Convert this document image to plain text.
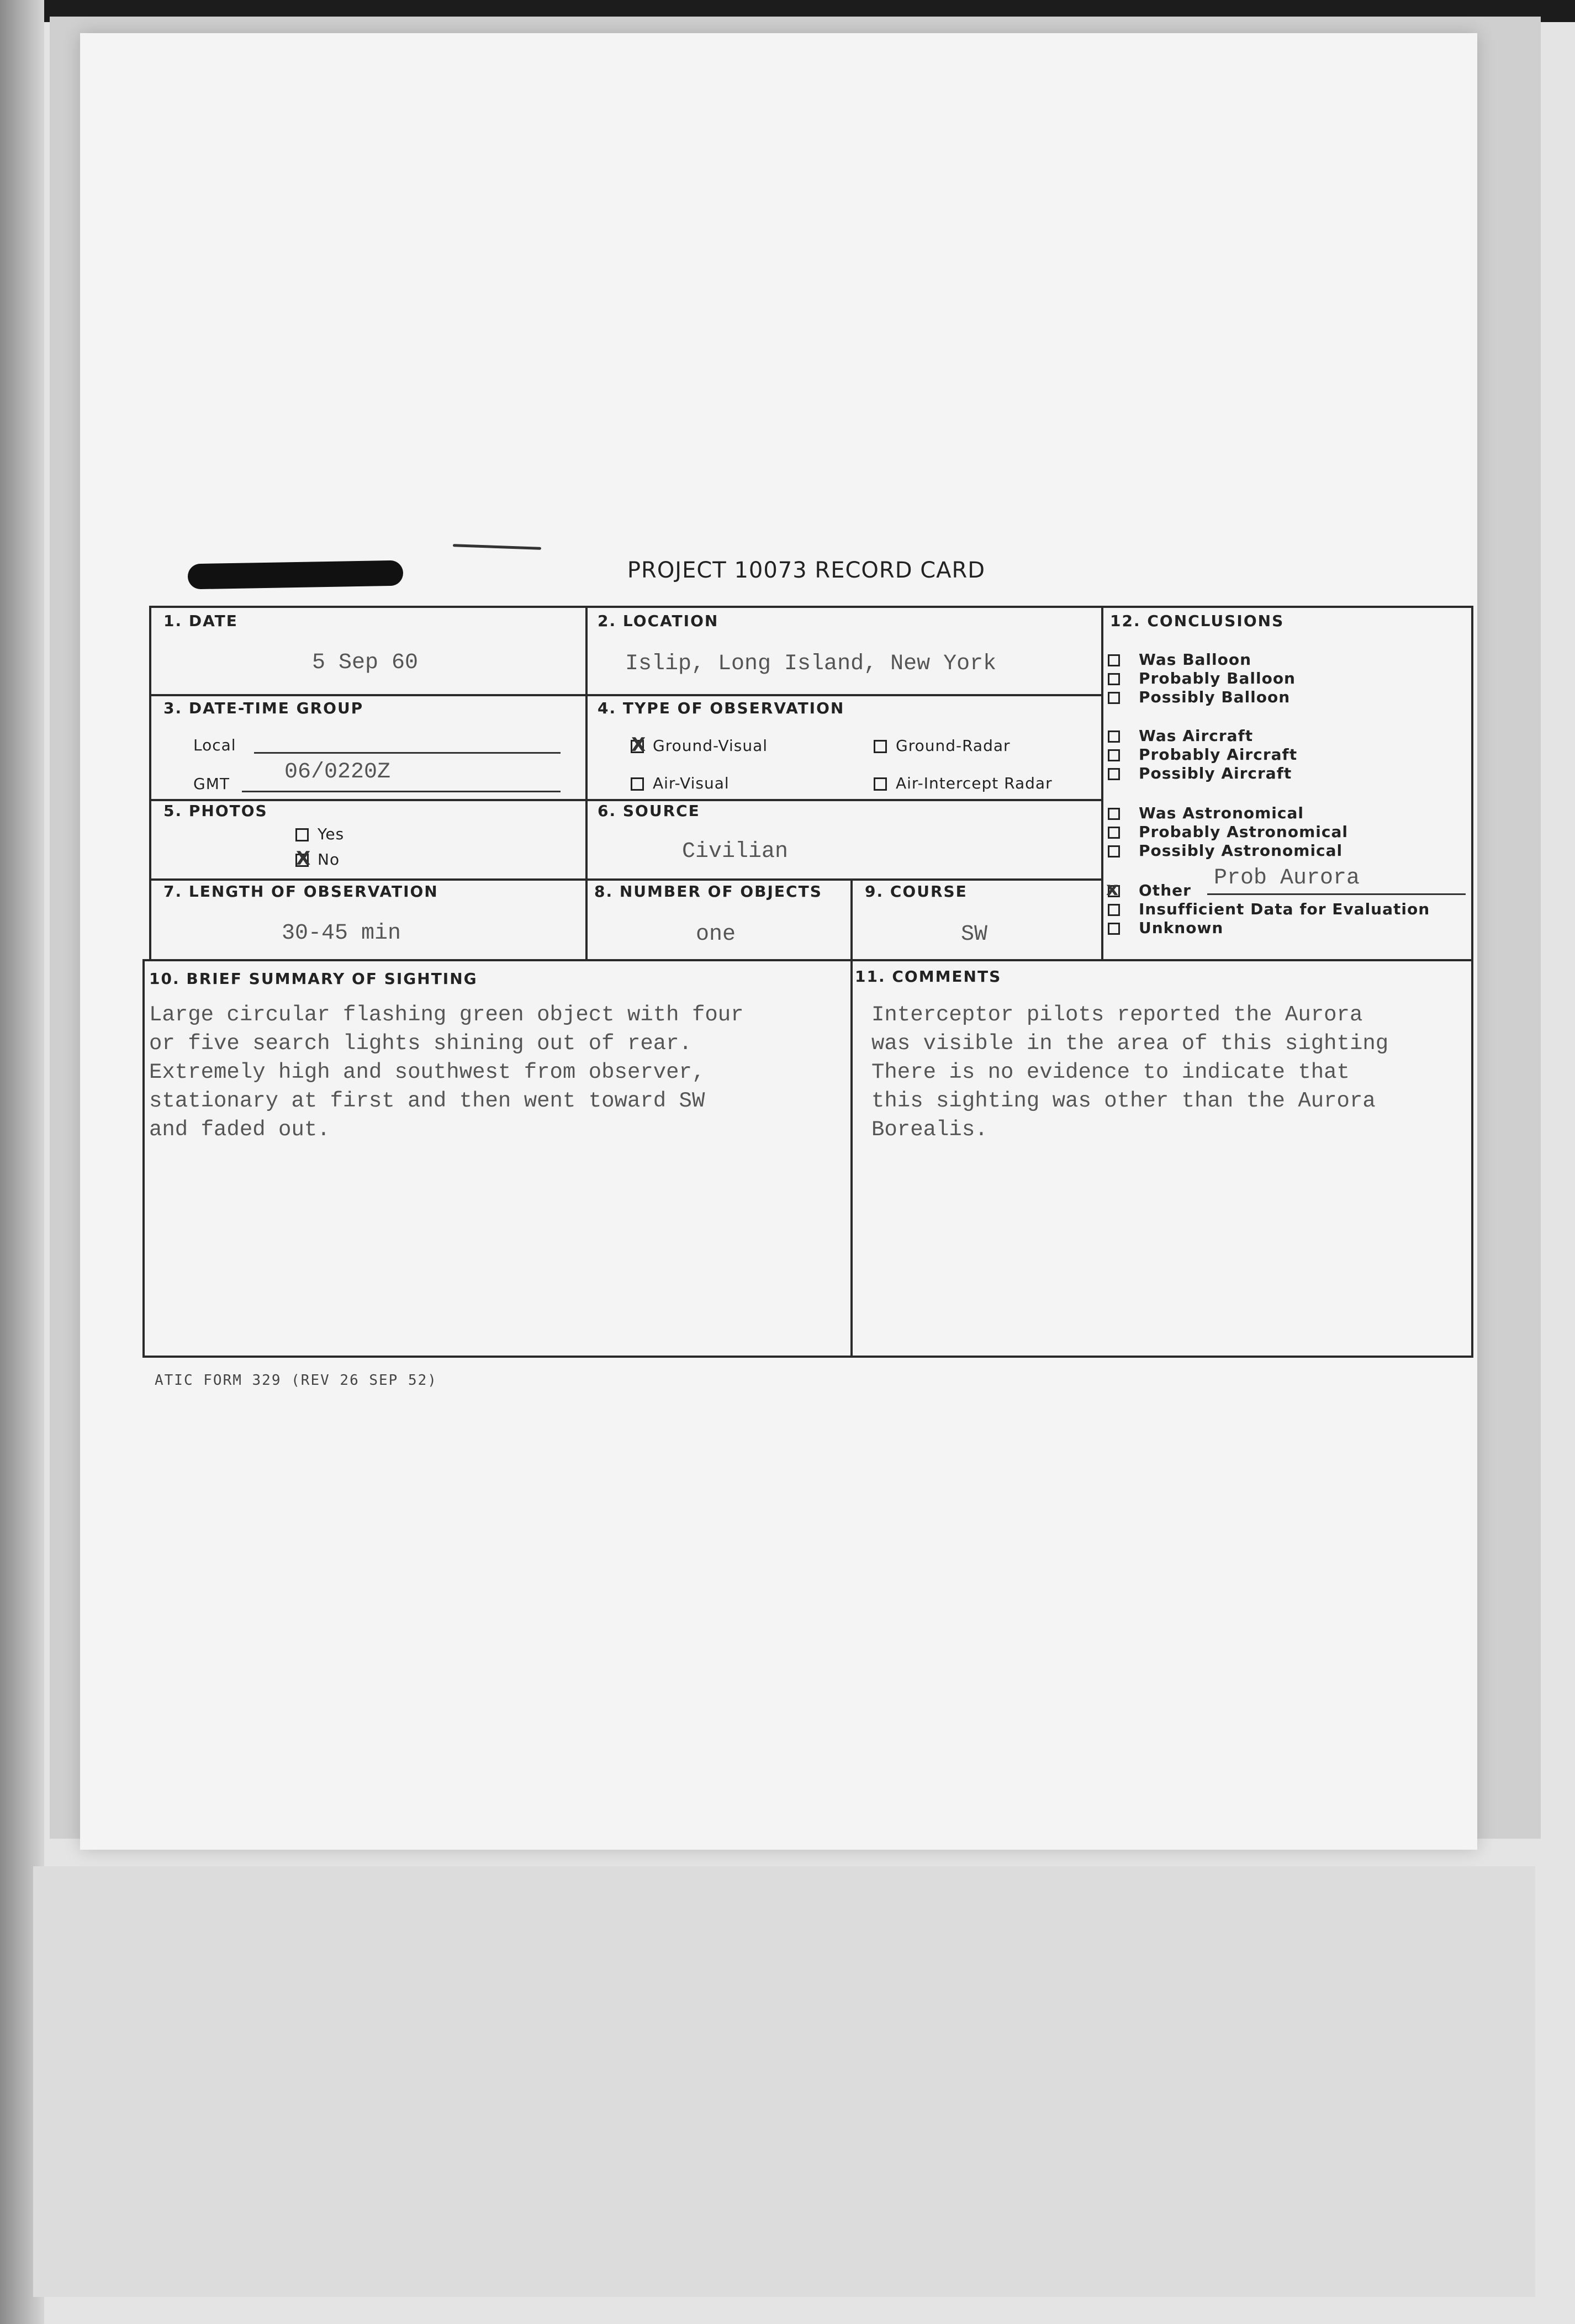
PROJECT 10073 RECORD CARD
1. DATE
5 Sep 60
2. LOCATION
Islip, Long Island, New York
3. DATE-TIME GROUP
Local
GMT 06/0220Z
4. TYPE OF OBSERVATION
XGround-Visual	Ground-Radar
Air-Visual	Air-Intercept Radar
5. PHOTOS
Yes
XNo
6. SOURCE
Civilian
7. LENGTH OF OBSERVATION
30-45 min
8. NUMBER OF OBJECTS
one
9. COURSE
SW
12. CONCLUSIONS
Was Balloon
Probably Balloon
Possibly Balloon
Was Aircraft
Probably Aircraft
Possibly Aircraft
Was Astronomical
Probably Astronomical
Possibly Astronomical
x Other Prob Aurora
Insufficient Data for Evaluation
Unknown
10. BRIEF SUMMARY OF SIGHTING
Large circular flashing green object with four
or five search lights shining out of rear.
Extremely high and southwest from observer,
stationary at first and then went toward SW
and faded out.
11. COMMENTS
Interceptor pilots reported the Aurora
was visible in the area of this sighting
There is no evidence to indicate that
this sighting was other than the Aurora
Borealis.
ATIC FORM 329 (REV 26 SEP 52)
